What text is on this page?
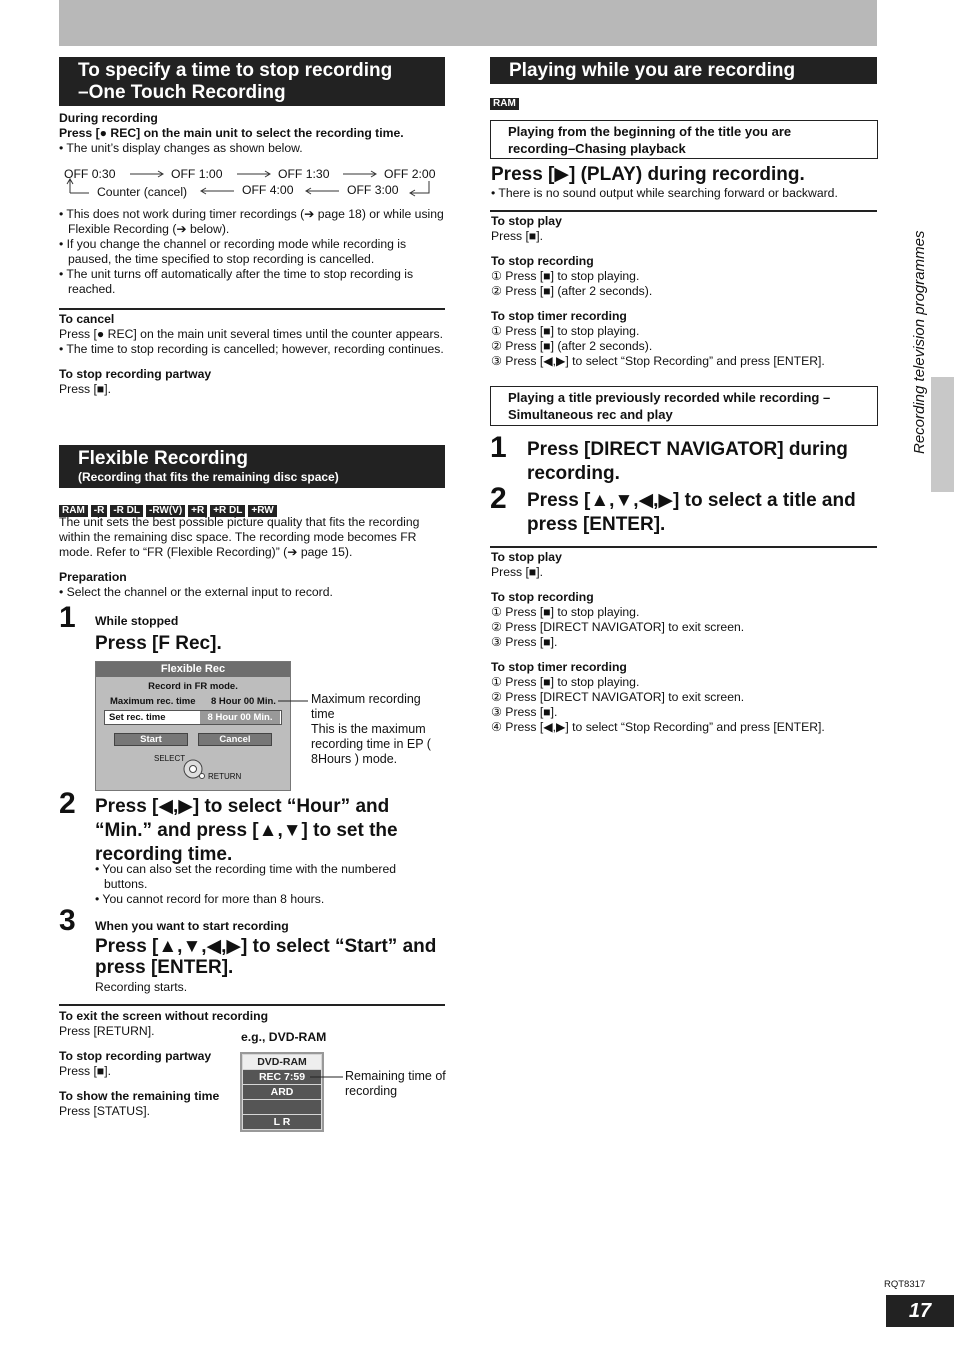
To specify a time to stop recording
–One Touch Recording
During recording
Press [● REC] on the main unit to select the recording time.
• The unit’s display changes as shown below.
OFF 0:30	OFF 1:00	OFF 1:30	OFF 2:00
Counter (cancel)	OFF 4:00	OFF 3:00
• This does not work during timer recordings (➔ page 18) or while using Flexible Recording (➔ below).
• If you change the channel or recording mode while recording is paused, the time specified to stop recording is cancelled.
• The unit turns off automatically after the time to stop recording is reached.
To cancel
Press [● REC] on the main unit several times until the counter appears.
• The time to stop recording is cancelled; however, recording continues.
To stop recording partway
Press [■].
Flexible Recording
(Recording that fits the remaining disc space)
RAM -R -R DL -RW(V) +R +R DL +RW
The unit sets the best possible picture quality that fits the recording within the remaining disc space. The recording mode becomes FR mode. Refer to “FR (Flexible Recording)” (➔ page 15).
Preparation
• Select the channel or the external input to record.
1 While stopped
Press [F Rec].
Flexible Rec
Record in FR mode.
Maximum rec. time 8 Hour 00 Min.
Set rec. time	8 Hour 00 Min.
Start	Cancel
SELECT
RETURN
Maximum recording time
This is the maximum recording time in EP ( 8Hours ) mode.
2 Press [◀,▶] to select “Hour” and “Min.” and press [▲,▼] to set the recording time.
• You can also set the recording time with the numbered buttons.
• You cannot record for more than 8 hours.
3 When you want to start recording
Press [▲,▼,◀,▶] to select “Start” and press [ENTER].
Recording starts.
To exit the screen without recording
Press [RETURN].
To stop recording partway
Press [■].
To show the remaining time
Press [STATUS].
e.g., DVD-RAM
DVD-RAM
REC 7:59
ARD
L R
Remaining time of recording
Playing while you are recording
RAM
Playing from the beginning of the title you are recording–Chasing playback
Press [▶] (PLAY) during recording.
• There is no sound output while searching forward or backward.
To stop play
Press [■].
To stop recording
① Press [■] to stop playing.
② Press [■] (after 2 seconds).
To stop timer recording
① Press [■] to stop playing.
② Press [■] (after 2 seconds).
③ Press [◀,▶] to select “Stop Recording” and press [ENTER].
Playing a title previously recorded while recording –Simultaneous rec and play
1 Press [DIRECT NAVIGATOR] during recording.
2 Press [▲,▼,◀,▶] to select a title and press [ENTER].
To stop play
Press [■].
To stop recording
① Press [■] to stop playing.
② Press [DIRECT NAVIGATOR] to exit screen.
③ Press [■].
To stop timer recording
① Press [■] to stop playing.
② Press [DIRECT NAVIGATOR] to exit screen.
③ Press [■].
④ Press [◀,▶] to select “Stop Recording” and press [ENTER].
Recording television programmes
RQT8317
17
